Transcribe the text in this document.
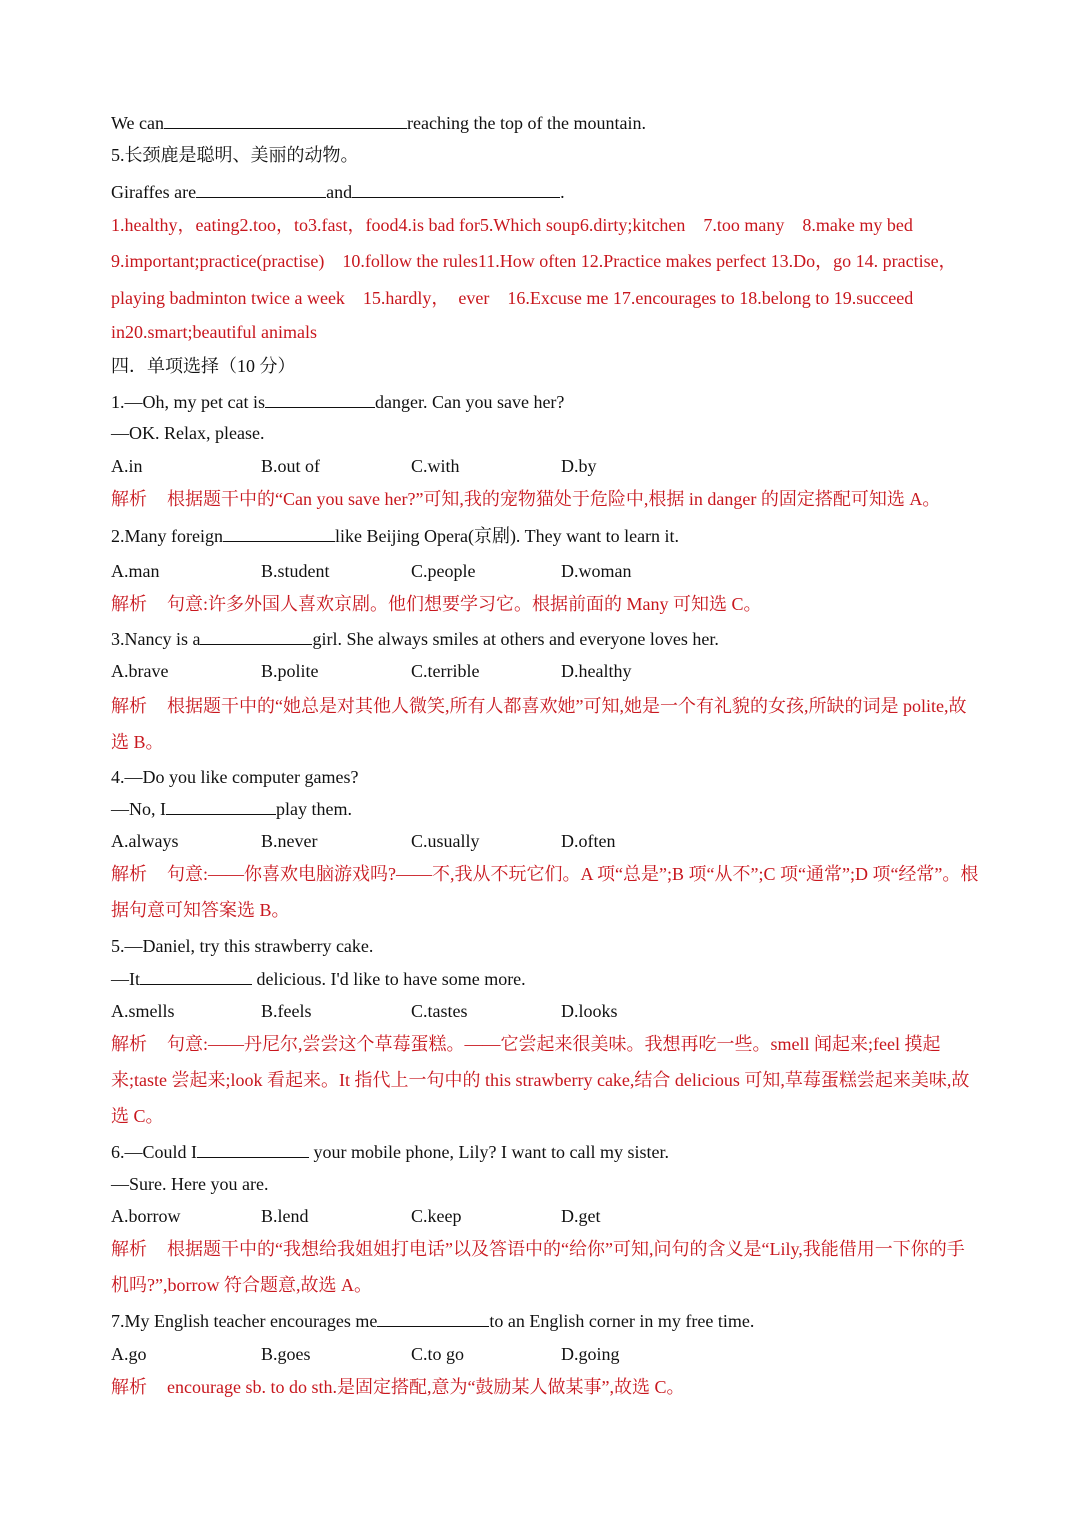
We can	reaching the top of the mountain.
5.长颈鹿是聪明、美丽的动物。
Giraffes are	and	.
1.healthy，eating2.too，to3.fast，food4.is bad for5.Which soup6.dirty;kitchen    7.too many    8.make my bed
9.important;practice(practise)    10.follow the rules11.How often 12.Practice makes perfect 13.Do，go 14. practise，
playing badminton twice a week    15.hardly，  ever    16.Excuse me 17.encourages to 18.belong to 19.succeed
in20.smart;beautiful animals
四．单项选择（10 分）
1.—Oh, my pet cat is	danger. Can you save her?
—OK. Relax, please.
A.in	B.out of	C.with	D.by
解析 根据题干中的“Can you save her?”可知,我的宠物猫处于危险中,根据 in danger 的固定搭配可知选 A。
2.Many foreign	like Beijing Opera(京剧). They want to learn it.
A.man	B.student	C.people	D.woman
解析 句意:许多外国人喜欢京剧。他们想要学习它。根据前面的 Many 可知选 C。
3.Nancy is a	girl. She always smiles at others and everyone loves her.
A.brave	B.polite	C.terrible	D.healthy
解析 根据题干中的“她总是对其他人微笑,所有人都喜欢她”可知,她是一个有礼貌的女孩,所缺的词是 polite,故选 B。
4.—Do you like computer games?
—No, I	play them.
A.always	B.never	C.usually	D.often
解析 句意:——你喜欢电脑游戏吗?——不,我从不玩它们。A 项“总是”;B 项“从不”;C 项“通常”;D 项“经常”。根据句意可知答案选 B。
5.—Daniel, try this strawberry cake.
—It	delicious. I'd like to have some more.
A.smells	B.feels	C.tastes	D.looks
解析 句意:——丹尼尔,尝尝这个草莓蛋糕。——它尝起来很美味。我想再吃一些。smell 闻起来;feel 摸起来;taste 尝起来;look 看起来。It 指代上一句中的 this strawberry cake,结合 delicious 可知,草莓蛋糕尝起来美味,故选 C。
6.—Could I	your mobile phone, Lily? I want to call my sister.
—Sure. Here you are.
A.borrow	B.lend	C.keep	D.get
解析 根据题干中的“我想给我姐姐打电话”以及答语中的“给你”可知,问句的含义是“Lily,我能借用一下你的手机吗?”,borrow 符合题意,故选 A。
7.My English teacher encourages me	to an English corner in my free time.
A.go	B.goes	C.to go	D.going
解析 encourage sb. to do sth.是固定搭配,意为“鼓励某人做某事”,故选 C。
